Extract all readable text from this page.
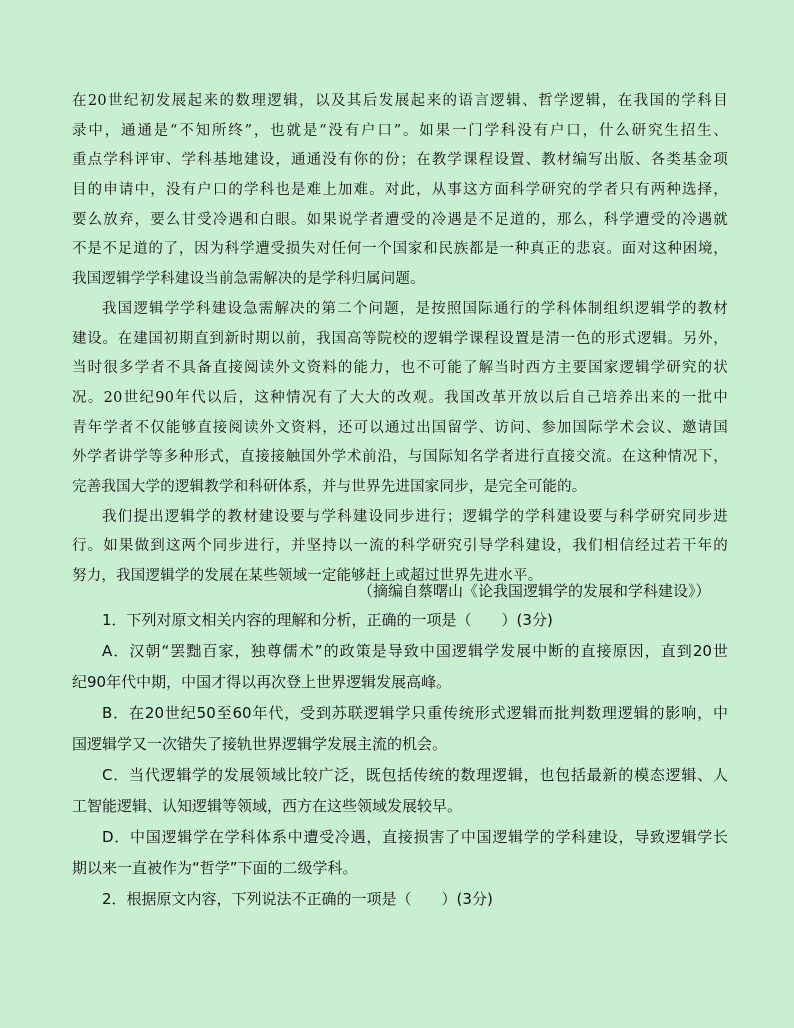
在20世纪初发展起来的数理逻辑，以及其后发展起来的语言逻辑、哲学逻辑，在我国的学科目
录中，通通是“不知所终”，也就是“没有户口”。如果一门学科没有户口，什么研究生招生、
重点学科评审、学科基地建设，通通没有你的份；在教学课程设置、教材编写出版、各类基金项
目的申请中，没有户口的学科也是难上加难。对此，从事这方面科学研究的学者只有两种选择，
要么放弃，要么甘受冷遇和白眼。如果说学者遭受的冷遇是不足道的，那么，科学遭受的冷遇就
不是不足道的了，因为科学遭受损失对任何一个国家和民族都是一种真正的悲哀。面对这种困境，
我国逻辑学学科建设当前急需解决的是学科归属问题。
我国逻辑学学科建设急需解决的第二个问题，是按照国际通行的学科体制组织逻辑学的教材
建设。在建国初期直到新时期以前，我国高等院校的逻辑学课程设置是清一色的形式逻辑。另外，
当时很多学者不具备直接阅读外文资料的能力，也不可能了解当时西方主要国家逻辑学研究的状
况。20世纪90年代以后，这种情况有了大大的改观。我国改革开放以后自己培养出来的一批中
青年学者不仅能够直接阅读外文资料，还可以通过出国留学、访问、参加国际学术会议、邀请国
外学者讲学等多种形式，直接接触国外学术前沿，与国际知名学者进行直接交流。在这种情况下，
完善我国大学的逻辑教学和科研体系，并与世界先进国家同步，是完全可能的。
我们提出逻辑学的教材建设要与学科建设同步进行；逻辑学的学科建设要与科学研究同步进
行。如果做到这两个同步进行，并坚持以一流的科学研究引导学科建设，我们相信经过若干年的
努力，我国逻辑学的发展在某些领域一定能够赶上或超过世界先进水平。
（摘编自蔡曙山《论我国逻辑学的发展和学科建设》）
1．下列对原文相关内容的理解和分析，正确的一项是（　　）(3分)
A．汉朝“罢黜百家，独尊儒术”的政策是导致中国逻辑学发展中断的直接原因，直到20世
纪90年代中期，中国才得以再次登上世界逻辑发展高峰。
B．在20世纪50至60年代，受到苏联逻辑学只重传统形式逻辑而批判数理逻辑的影响，中
国逻辑学又一次错失了接轨世界逻辑学发展主流的机会。
C．当代逻辑学的发展领域比较广泛，既包括传统的数理逻辑，也包括最新的模态逻辑、人
工智能逻辑、认知逻辑等领域，西方在这些领域发展较早。
D．中国逻辑学在学科体系中遭受冷遇，直接损害了中国逻辑学的学科建设，导致逻辑学长
期以来一直被作为“哲学”下面的二级学科。
2．根据原文内容，下列说法不正确的一项是（　　）(3分)
